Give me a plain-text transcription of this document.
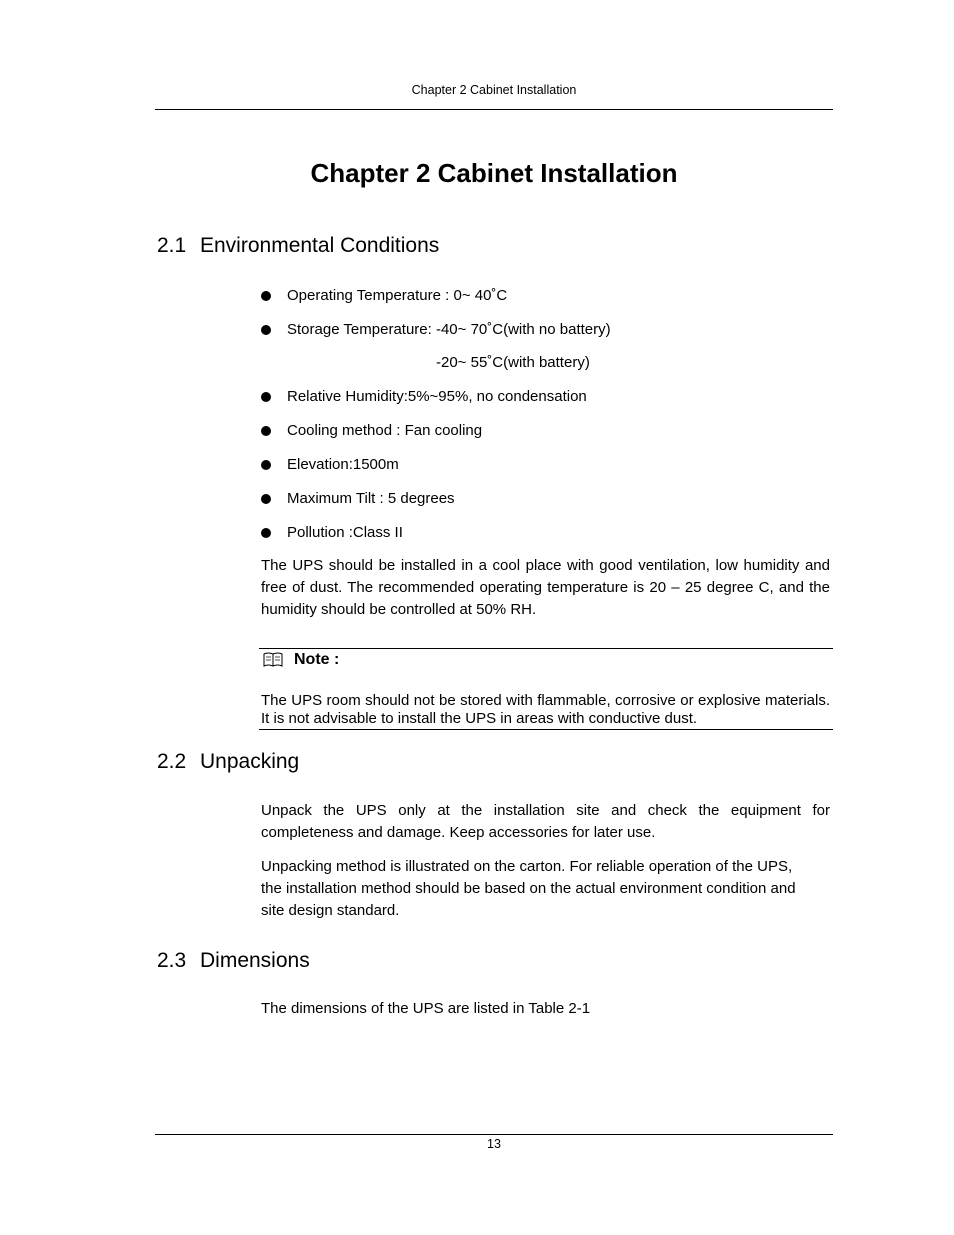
Chapter 2 Cabinet Installation
Chapter 2 Cabinet Installation
2.1 Environmental Conditions
Operating Temperature : 0~ 40˚C
Storage Temperature: -40~ 70˚C(with no battery)
-20~ 55˚C(with battery)
Relative Humidity:5%~95%, no condensation
Cooling method : Fan cooling
Elevation:1500m
Maximum Tilt : 5 degrees
Pollution :Class II

The UPS should be installed in a cool place with good ventilation, low humidity and free of dust. The recommended operating temperature is 20 – 25 degree C, and the humidity should be controlled at 50% RH.

Note :

The UPS room should not be stored with flammable, corrosive or explosive materials. It is not advisable to install the UPS in areas with conductive dust.

2.2 Unpacking

Unpack the UPS only at the installation site and check the equipment for completeness and damage. Keep accessories for later use.

Unpacking method is illustrated on the carton. For reliable operation of the UPS, the installation method should be based on the actual environment condition and site design standard.

2.3 Dimensions

The dimensions of the UPS are listed in Table 2-1

13
